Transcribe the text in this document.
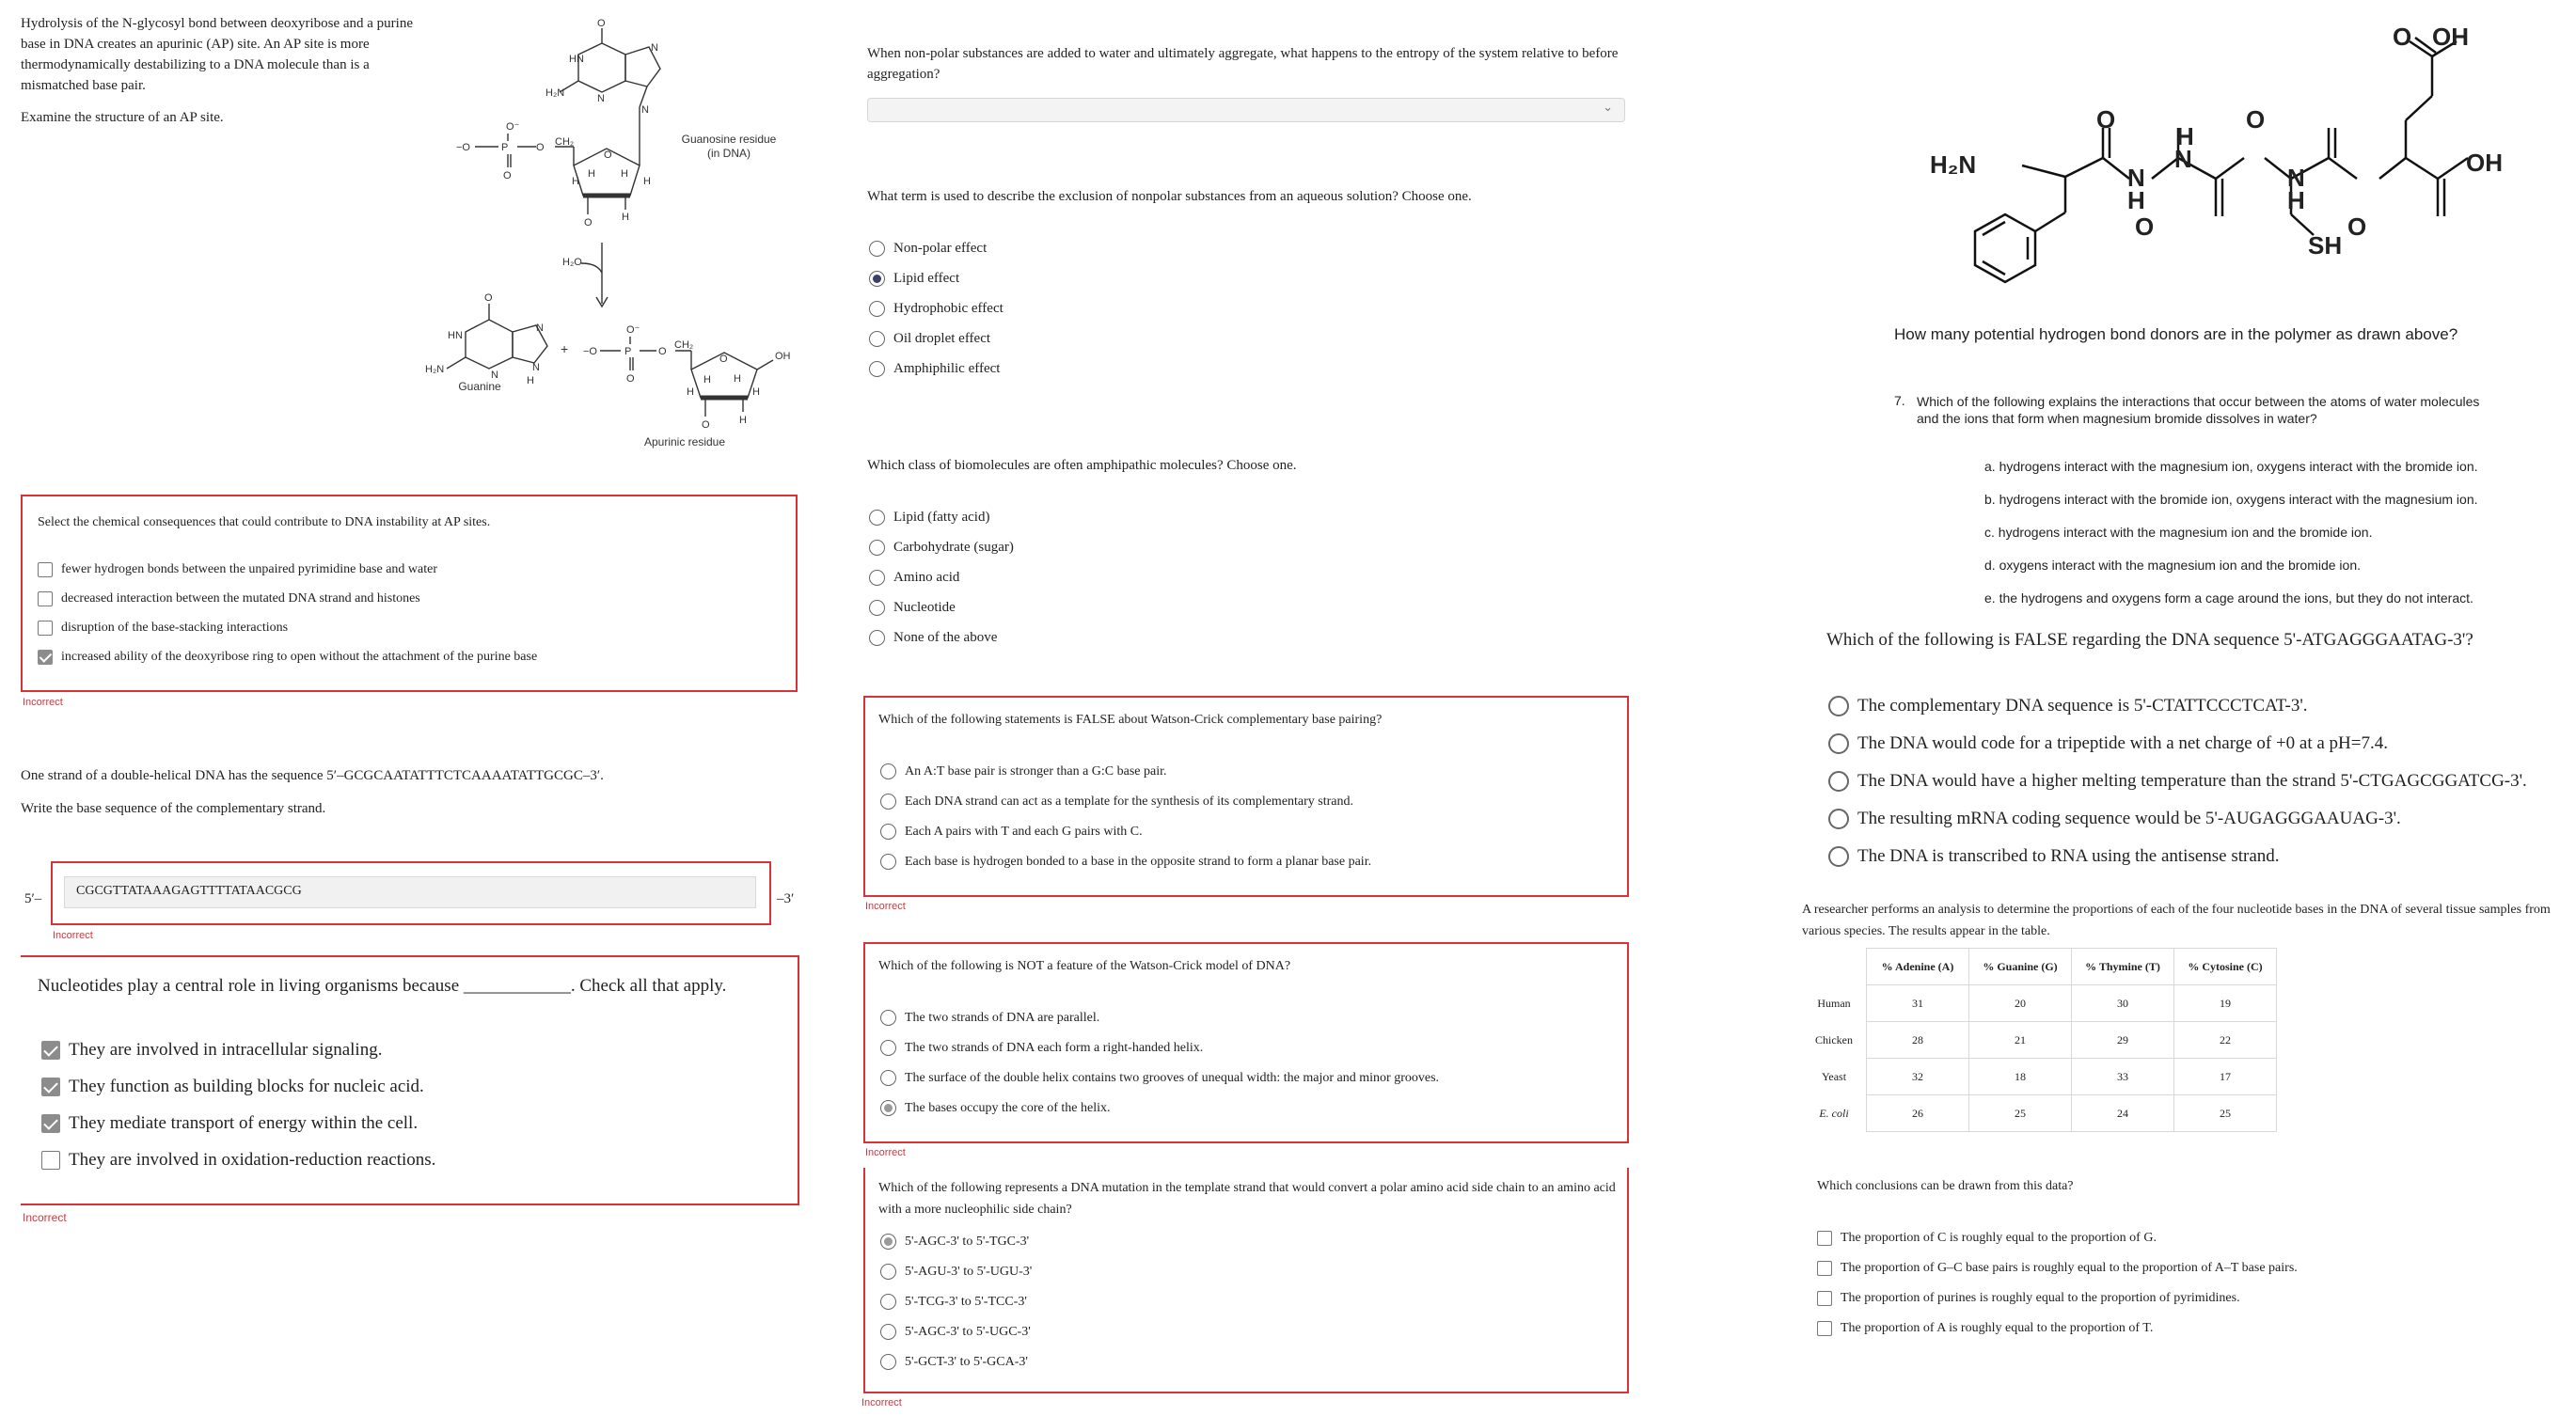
Hydrolysis of the N-glycosyl bond between deoxyribose and a purine base in DNA creates an apurinic (AP) site. An AP site is more thermodynamically destabilizing to a DNA molecule than is a mismatched base pair.
Examine the structure of an AP site.
O
HN
H₂N
N
N
N
O⁻
−O	P	O CH₂
O
O
H
H H
H
O	H
H₂O
O
HN
H₂N
N
N
N
H
+
O⁻
−O	P	O
CH₂
O
O	OH
H H
H	H
O	H
Guanosine residue
(in DNA)
Guanine
Apurinic residue
Select the chemical consequences that could contribute to DNA instability at AP sites.
fewer hydrogen bonds between the unpaired pyrimidine base and water
decreased interaction between the mutated DNA strand and histones
disruption of the base-stacking interactions
increased ability of the deoxyribose ring to open without the attachment of the purine base
Incorrect
One strand of a double-helical DNA has the sequence 5′–GCGCAATATTTCTCAAAATATTGCGC–3′.
Write the base sequence of the complementary strand.
5′–
CGCGTTATAAAGAGTTTTATAACGCG
–3′
Incorrect
Nucleotides play a central role in living organisms because ____________. Check all that apply.
They are involved in intracellular signaling.
They function as building blocks for nucleic acid.
They mediate transport of energy within the cell.
They are involved in oxidation-reduction reactions.
Incorrect
When non-polar substances are added to water and ultimately aggregate, what happens to the entropy of the system relative to before aggregation?
⌄
What term is used to describe the exclusion of nonpolar substances from an aqueous solution? Choose one.
Non-polar effect
Lipid effect
Hydrophobic effect
Oil droplet effect
Amphiphilic effect
Which class of biomolecules are often amphipathic molecules? Choose one.
Lipid (fatty acid)
Carbohydrate (sugar)
Amino acid
Nucleotide
None of the above
Which of the following statements is FALSE about Watson-Crick complementary base pairing?
An A:T base pair is stronger than a G:C base pair.
Each DNA strand can act as a template for the synthesis of its complementary strand.
Each A pairs with T and each G pairs with C.
Each base is hydrogen bonded to a base in the opposite strand to form a planar base pair.
Incorrect
Which of the following is NOT a feature of the Watson-Crick model of DNA?
The two strands of DNA are parallel.
The two strands of DNA each form a right-handed helix.
The surface of the double helix contains two grooves of unequal width: the major and minor grooves.
The bases occupy the core of the helix.
Incorrect
Which of the following represents a DNA mutation in the template strand that would convert a polar amino acid side chain to an amino acid with a more nucleophilic side chain?
5'-AGC-3' to 5'-TGC-3'
5'-AGU-3' to 5'-UGU-3'
5'-TCG-3' to 5'-TCC-3'
5'-AGC-3' to 5'-UGC-3'
5'-GCT-3' to 5'-GCA-3'
Incorrect
H₂N
O
N
H
H
N
O
O
N
H
SH
O
O OH
OH
How many potential hydrogen bond donors are in the polymer as drawn above?
7. Which of the following explains the interactions that occur between the atoms of water molecules and the ions that form when magnesium bromide dissolves in water?
a. hydrogens interact with the magnesium ion, oxygens interact with the bromide ion.
b. hydrogens interact with the bromide ion, oxygens interact with the magnesium ion.
c. hydrogens interact with the magnesium ion and the bromide ion.
d. oxygens interact with the magnesium ion and the bromide ion.
e. the hydrogens and oxygens form a cage around the ions, but they do not interact.
Which of the following is FALSE regarding the DNA sequence 5'-ATGAGGGAATAG-3'?
The complementary DNA sequence is 5'-CTATTCCCTCAT-3'.
The DNA would code for a tripeptide with a net charge of +0 at a pH=7.4.
The DNA would have a higher melting temperature than the strand 5'-CTGAGCGGATCG-3'.
The resulting mRNA coding sequence would be 5'-AUGAGGGAAUAG-3'.
The DNA is transcribed to RNA using the antisense strand.
A researcher performs an analysis to determine the proportions of each of the four nucleotide bases in the DNA of several tissue samples from various species. The results appear in the table.
	% Adenine (A)	% Guanine (G)	% Thymine (T)	% Cytosine (C)
Human	31	20	30	19
Chicken	28	21	29	22
Yeast	32	18	33	17
E. coli	26	25	24	25
Which conclusions can be drawn from this data?
The proportion of C is roughly equal to the proportion of G.
The proportion of G–C base pairs is roughly equal to the proportion of A–T base pairs.
The proportion of purines is roughly equal to the proportion of pyrimidines.
The proportion of A is roughly equal to the proportion of T.
